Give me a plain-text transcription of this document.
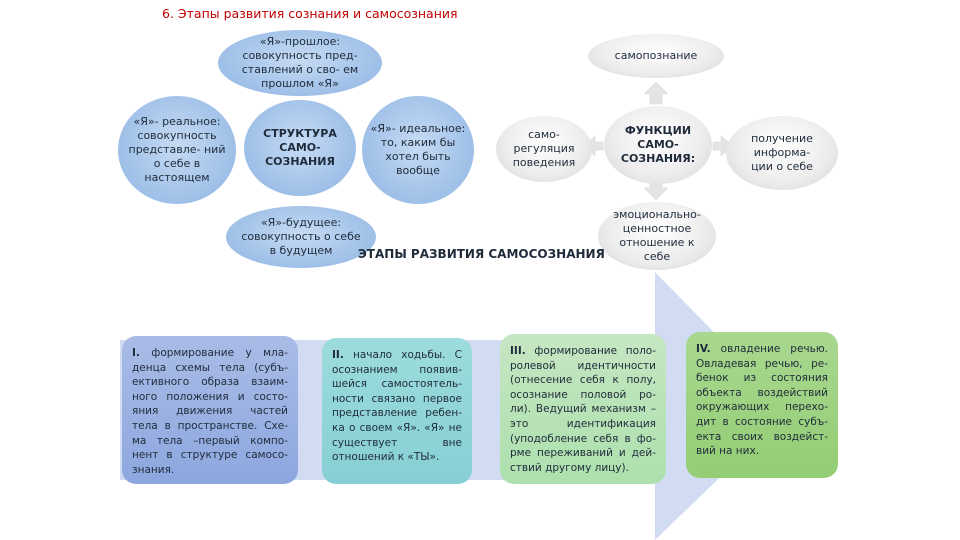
6. Этапы развития сознания и самосознания
«Я»-прошлое: совокупность пред- ставлений о сво- ем прошлом «Я»
«Я»- реальное: совокупность представле- ний о себе в настоящем
СТРУКТУРА САМО- СОЗНАНИЯ
«Я»- идеальное: то, каким бы хотел быть вообще
«Я»-будущее: совокупность о себе в будущем
самопознание
само- регуляция поведения
ФУНКЦИИ САМО- СОЗНАНИЯ:
получение информа- ции о себе
эмоционально- ценностное отношение к себе
ЭТАПЫ РАЗВИТИЯ САМОСОЗНАНИЯ
I. формирование у мла- денца схемы тела (субъ- ективного образа взаим- ного положения и состо- яния движения частей тела в пространстве. Схе- ма тела –первый компо- нент в структуре самосо- знания.
II. начало ходьбы. С осознанием появив- шейся самостоятель- ности связано первое представление ребен- ка о своем «Я». «Я» не существует вне отношений к «ТЫ».
III. формирование поло- ролевой идентичности (отнесение себя к полу, осознание половой ро- ли). Ведущий механизм – это идентификация (уподобление себя в фо- рме переживаний и дей- ствий другому лицу).
IV. овладение речью. Овладевая речью, ре- бенок из состояния объекта воздействий окружающих перехо- дит в состояние субъ- екта своих воздейст- вий на них.
